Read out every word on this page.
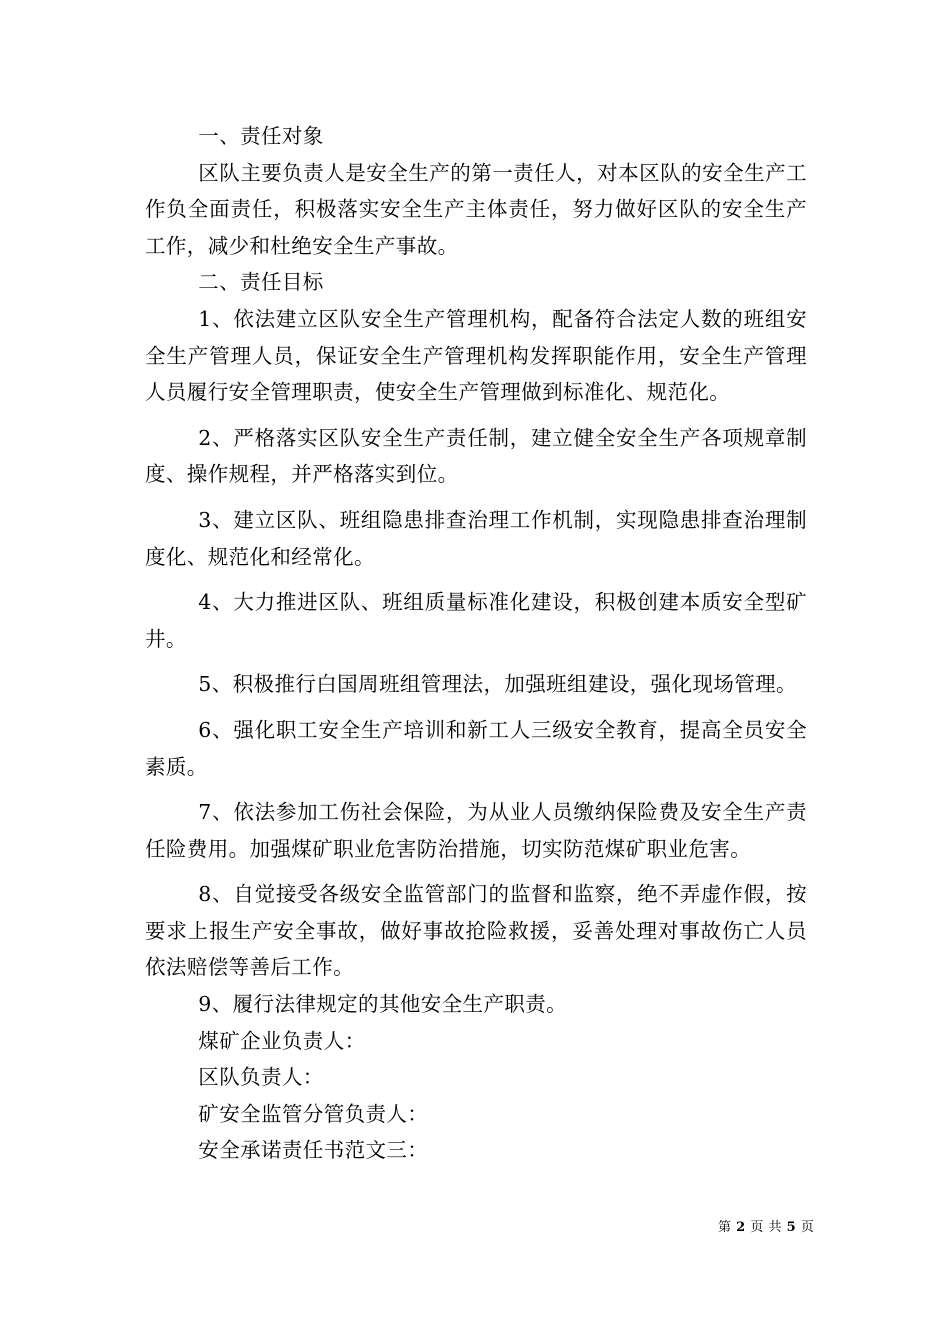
一、责任对象

区队主要负责人是安全生产的第一责任人，对本区队的安全生产工作负全面责任，积极落实安全生产主体责任，努力做好区队的安全生产工作，减少和杜绝安全生产事故。

二、责任目标

1、依法建立区队安全生产管理机构，配备符合法定人数的班组安全生产管理人员，保证安全生产管理机构发挥职能作用，安全生产管理人员履行安全管理职责，使安全生产管理做到标准化、规范化。

2、严格落实区队安全生产责任制，建立健全安全生产各项规章制度、操作规程，并严格落实到位。

3、建立区队、班组隐患排查治理工作机制，实现隐患排查治理制度化、规范化和经常化。

4、大力推进区队、班组质量标准化建设，积极创建本质安全型矿井。

5、积极推行白国周班组管理法，加强班组建设，强化现场管理。

6、强化职工安全生产培训和新工人三级安全教育，提高全员安全素质。

7、依法参加工伤社会保险，为从业人员缴纳保险费及安全生产责任险费用。加强煤矿职业危害防治措施，切实防范煤矿职业危害。

8、自觉接受各级安全监管部门的监督和监察，绝不弄虚作假，按要求上报生产安全事故，做好事故抢险救援，妥善处理对事故伤亡人员依法赔偿等善后工作。

9、履行法律规定的其他安全生产职责。

煤矿企业负责人：

区队负责人：

矿安全监管分管负责人：

安全承诺责任书范文三：

第 2 页 共 5 页
